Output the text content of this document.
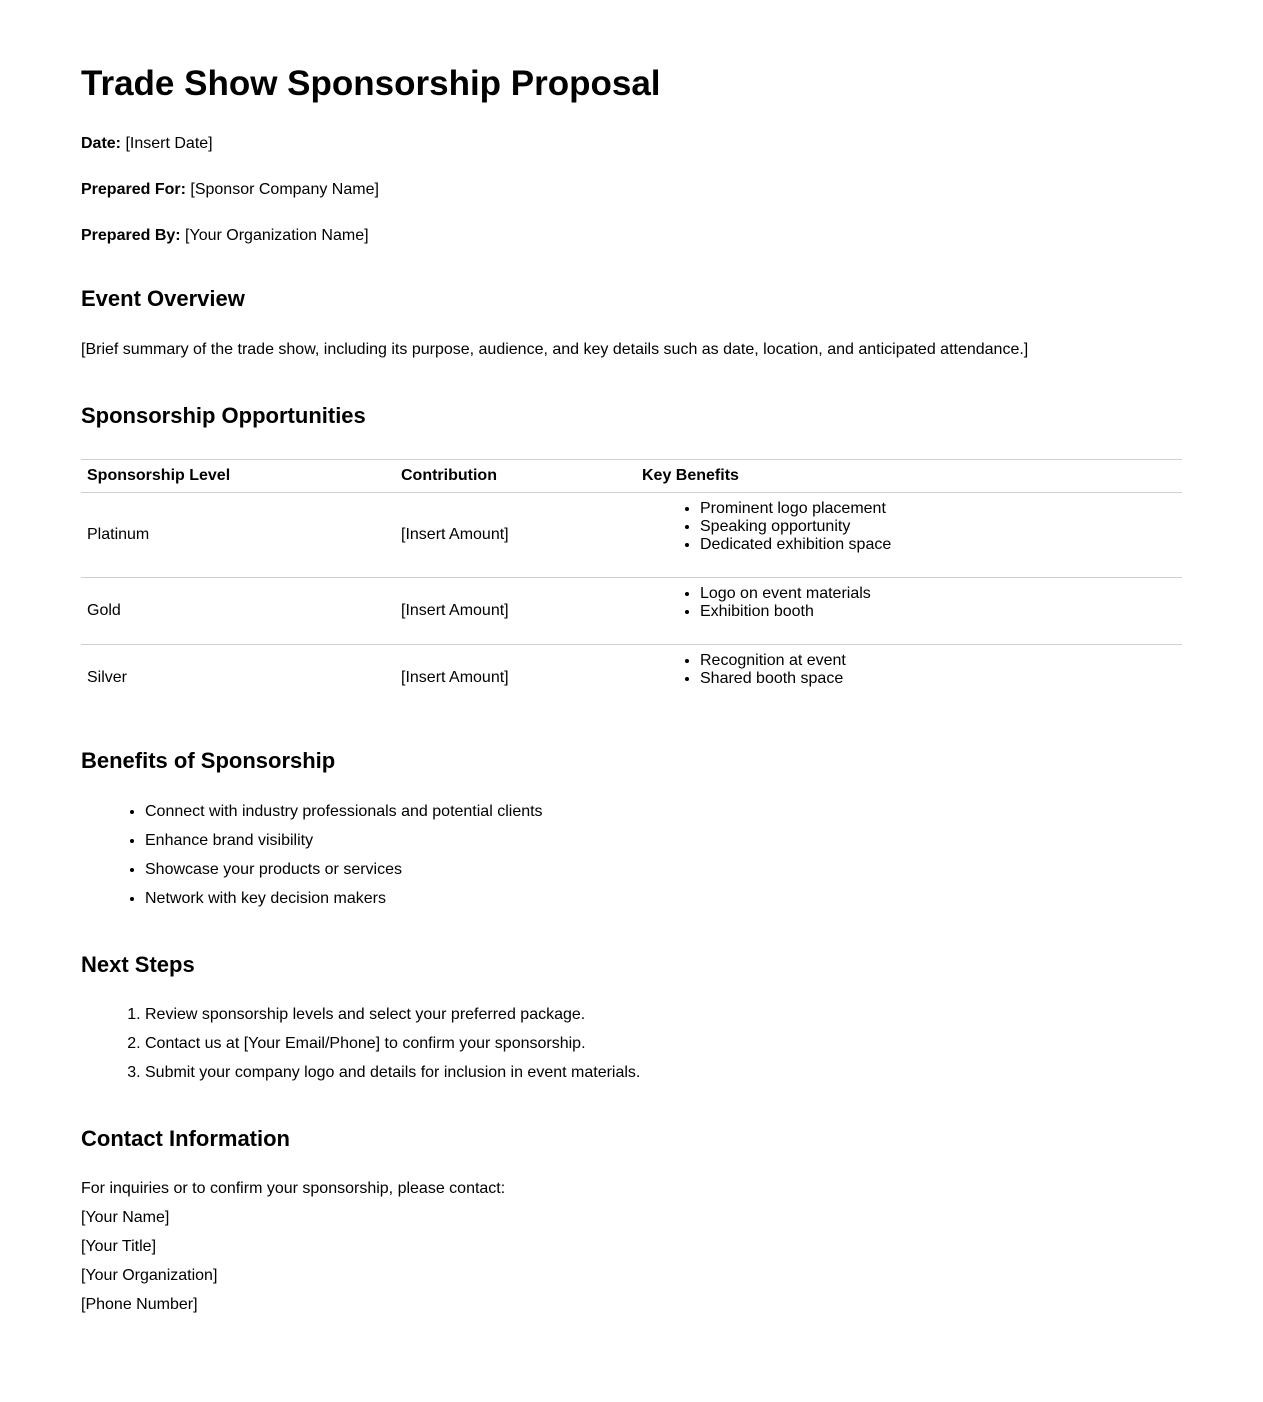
Trade Show Sponsorship Proposal
Date: [Insert Date]
Prepared For: [Sponsor Company Name]
Prepared By: [Your Organization Name]
Event Overview

[Brief summary of the trade show, including its purpose, audience, and key details such as date, location, and anticipated attendance.]

Sponsorship Opportunities
Sponsorship Level	Contribution	Key Benefits
Platinum	[Insert Amount]	
• Prominent logo placement
• Speaking opportunity
• Dedicated exhibition space

Gold	[Insert Amount]	
• Logo on event materials
• Exhibition booth

Silver	[Insert Amount]	
• Recognition at event
• Shared booth space
Benefits of Sponsorship
• Connect with industry professionals and potential clients
• Enhance brand visibility
• Showcase your products or services
• Network with key decision makers
Next Steps
1. Review sponsorship levels and select your preferred package.
2. Contact us at [Your Email/Phone] to confirm your sponsorship.
3. Submit your company logo and details for inclusion in event materials.
Contact Information

For inquiries or to confirm your sponsorship, please contact:

[Your Name]

[Your Title]

[Your Organization]

[Phone Number]
